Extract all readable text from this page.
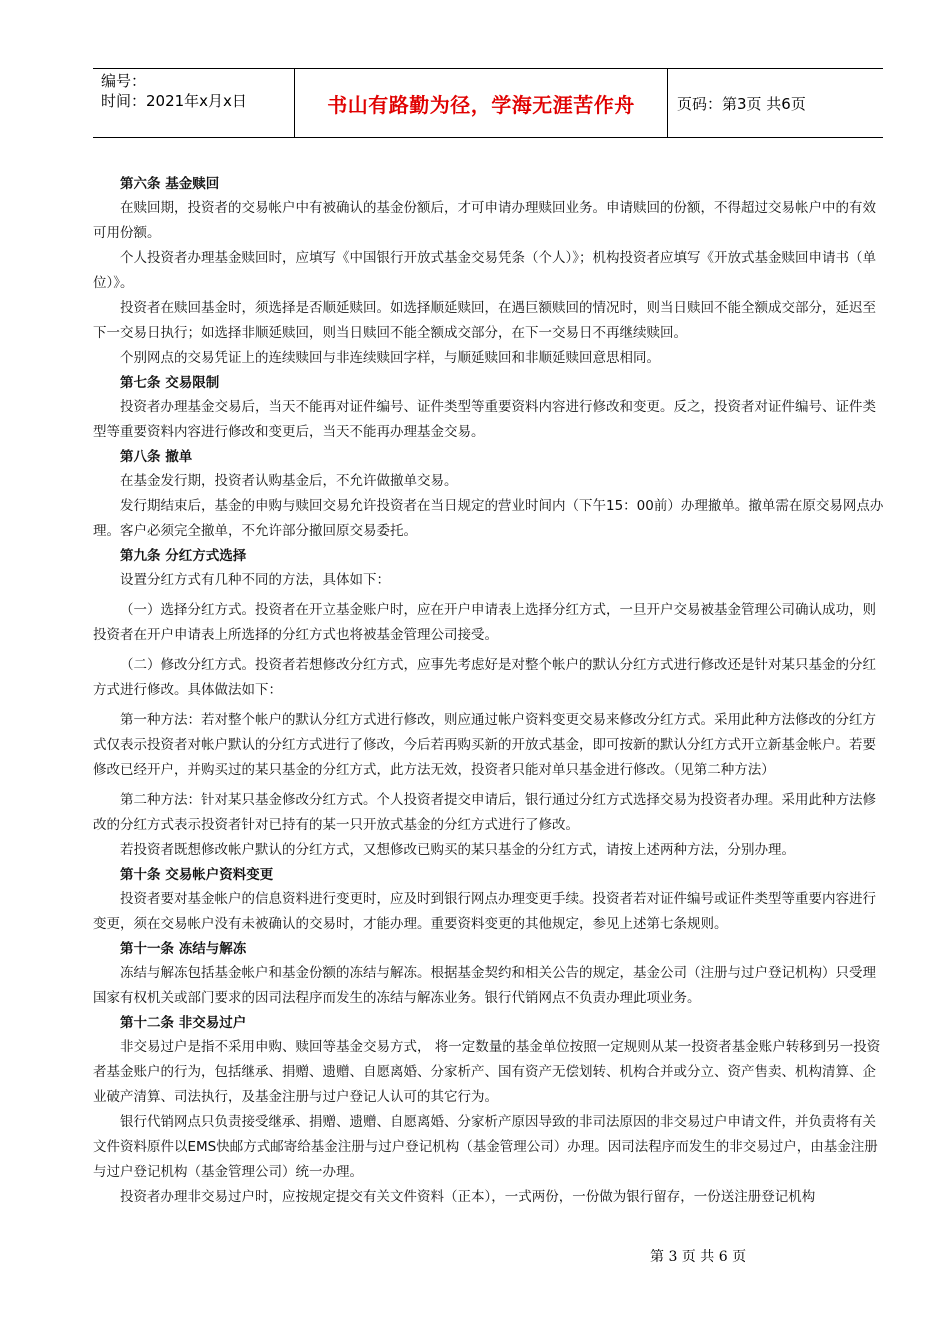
编号：
时间：2021年x月x日	书山有路勤为径，学海无涯苦作舟	页码：第3页 共6页
第六条 基金赎回

在赎回期，投资者的交易帐户中有被确认的基金份额后，才可申请办理赎回业务。申请赎回的份额，不得超过交易帐户中的有效可用份额。

个人投资者办理基金赎回时，应填写《中国银行开放式基金交易凭条（个人）》；机构投资者应填写《开放式基金赎回申请书（单位）》。

投资者在赎回基金时，须选择是否顺延赎回。如选择顺延赎回，在遇巨额赎回的情况时，则当日赎回不能全额成交部分，延迟至下一交易日执行；如选择非顺延赎回，则当日赎回不能全额成交部分，在下一交易日不再继续赎回。

个别网点的交易凭证上的连续赎回与非连续赎回字样，与顺延赎回和非顺延赎回意思相同。

第七条 交易限制

投资者办理基金交易后，当天不能再对证件编号、证件类型等重要资料内容进行修改和变更。反之，投资者对证件编号、证件类型等重要资料内容进行修改和变更后，当天不能再办理基金交易。

第八条 撤单

在基金发行期，投资者认购基金后，不允许做撤单交易。

发行期结束后，基金的申购与赎回交易允许投资者在当日规定的营业时间内（下午15：00前）办理撤单。撤单需在原交易网点办理。客户必须完全撤单，不允许部分撤回原交易委托。

第九条 分红方式选择

设置分红方式有几种不同的方法，具体如下：

（一）选择分红方式。投资者在开立基金账户时，应在开户申请表上选择分红方式，一旦开户交易被基金管理公司确认成功，则投资者在开户申请表上所选择的分红方式也将被基金管理公司接受。

（二）修改分红方式。投资者若想修改分红方式，应事先考虑好是对整个帐户的默认分红方式进行修改还是针对某只基金的分红方式进行修改。具体做法如下：

第一种方法：若对整个帐户的默认分红方式进行修改，则应通过帐户资料变更交易来修改分红方式。采用此种方法修改的分红方式仅表示投资者对帐户默认的分红方式进行了修改，今后若再购买新的开放式基金，即可按新的默认分红方式开立新基金帐户。若要修改已经开户，并购买过的某只基金的分红方式，此方法无效，投资者只能对单只基金进行修改。（见第二种方法）

第二种方法：针对某只基金修改分红方式。个人投资者提交申请后，银行通过分红方式选择交易为投资者办理。采用此种方法修改的分红方式表示投资者针对已持有的某一只开放式基金的分红方式进行了修改。

若投资者既想修改帐户默认的分红方式，又想修改已购买的某只基金的分红方式，请按上述两种方法，分别办理。

第十条 交易帐户资料变更

投资者要对基金帐户的信息资料进行变更时，应及时到银行网点办理变更手续。投资者若对证件编号或证件类型等重要内容进行变更，须在交易帐户没有未被确认的交易时，才能办理。重要资料变更的其他规定，参见上述第七条规则。

第十一条 冻结与解冻

冻结与解冻包括基金帐户和基金份额的冻结与解冻。根据基金契约和相关公告的规定，基金公司（注册与过户登记机构）只受理国家有权机关或部门要求的因司法程序而发生的冻结与解冻业务。银行代销网点不负责办理此项业务。

第十二条 非交易过户

非交易过户是指不采用申购、赎回等基金交易方式， 将一定数量的基金单位按照一定规则从某一投资者基金账户转移到另一投资者基金账户的行为，包括继承、捐赠、遗赠、自愿离婚、分家析产、国有资产无偿划转、机构合并或分立、资产售卖、机构清算、企业破产清算、司法执行，及基金注册与过户登记人认可的其它行为。

银行代销网点只负责接受继承、捐赠、遗赠、自愿离婚、分家析产原因导致的非司法原因的非交易过户申请文件，并负责将有关文件资料原件以EMS快邮方式邮寄给基金注册与过户登记机构（基金管理公司）办理。因司法程序而发生的非交易过户，由基金注册与过户登记机构（基金管理公司）统一办理。

投资者办理非交易过户时，应按规定提交有关文件资料（正本），一式两份，一份做为银行留存，一份送注册登记机构

第 3 页 共 6 页
